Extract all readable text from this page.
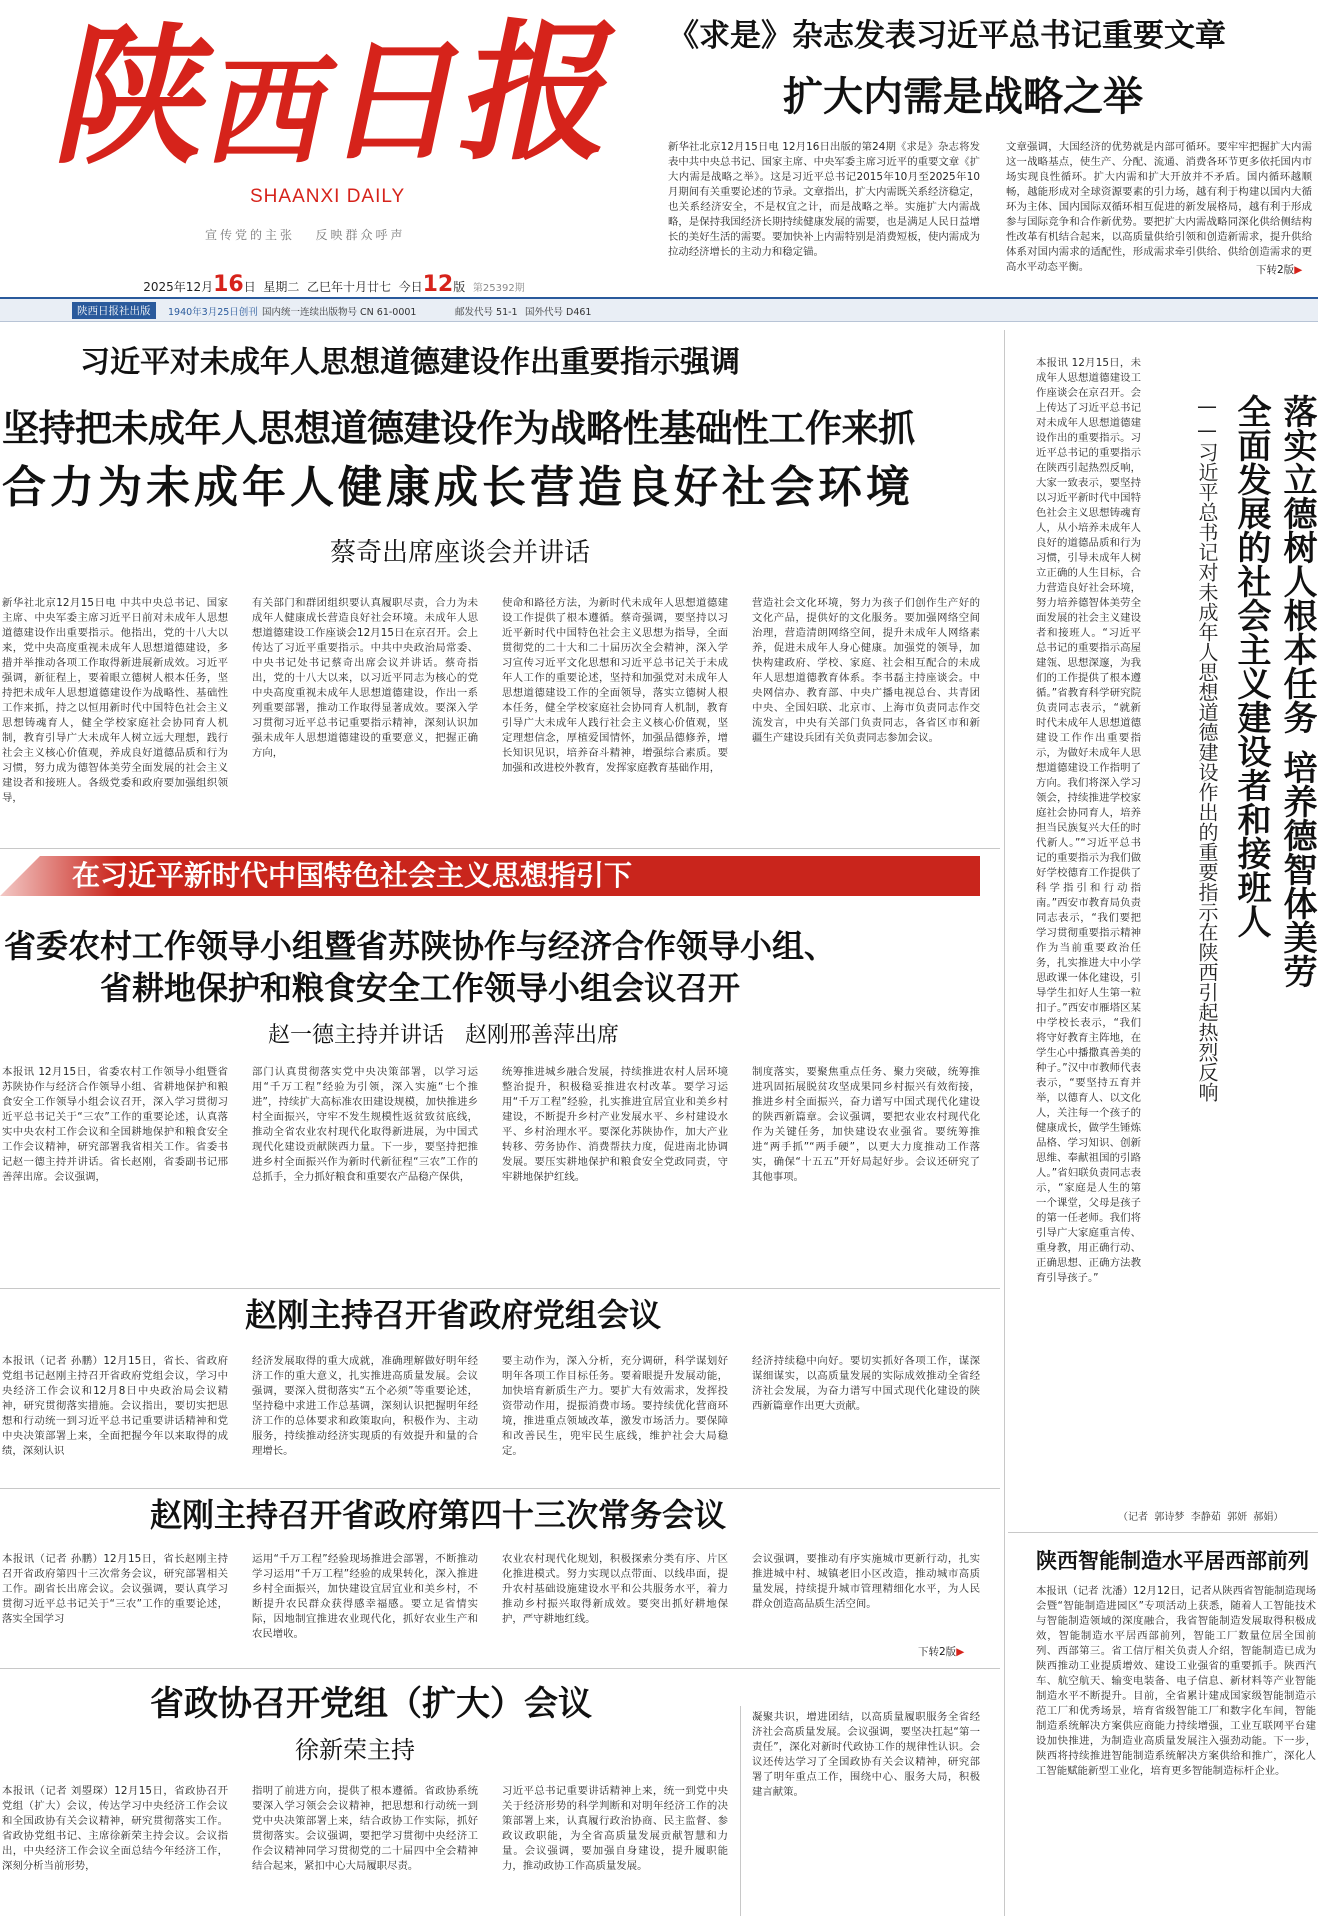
陕
西
日
报
SHAANXI DAILY
宣传党的主张   反映群众呼声

2025年12月16日  星期二  乙巳年十月廿七  今日12版 第25392期

《求是》杂志发表习近平总书记重要文章
扩大内需是战略之举
新华社北京12月15日电 12月16日出版的第24期《求是》杂志将发表中共中央总书记、国家主席、中央军委主席习近平的重要文章《扩大内需是战略之举》。这是习近平总书记2015年10月至2025年10月期间有关重要论述的节录。文章指出，扩大内需既关系经济稳定，也关系经济安全，不是权宜之计，而是战略之举。实施扩大内需战略，是保持我国经济长期持续健康发展的需要，也是满足人民日益增长的美好生活的需要。要加快补上内需特别是消费短板，使内需成为拉动经济增长的主动力和稳定锚。
文章强调，大国经济的优势就是内部可循环。要牢牢把握扩大内需这一战略基点，使生产、分配、流通、消费各环节更多依托国内市场实现良性循环。扩大内需和扩大开放并不矛盾。国内循环越顺畅，越能形成对全球资源要素的引力场，越有利于构建以国内大循环为主体、国内国际双循环相互促进的新发展格局，越有利于形成参与国际竞争和合作新优势。要把扩大内需战略同深化供给侧结构性改革有机结合起来，以高质量供给引领和创造新需求，提升供给体系对国内需求的适配性，形成需求牵引供给、供给创造需求的更高水平动态平衡。	下转2版▶
陕西日报社出版	1940年3月25日创刊 国内统一连续出版物号 CN 61-0001	邮发代号 51-1 国外代号 D461
习近平对未成年人思想道德建设作出重要指示强调
坚持把未成年人思想道德建设作为战略性基础性工作来抓
合力为未成年人健康成长营造良好社会环境
蔡奇出席座谈会并讲话
新华社北京12月15日电 中共中央总书记、国家主席、中央军委主席习近平日前对未成年人思想道德建设作出重要指示。他指出，党的十八大以来，党中央高度重视未成年人思想道德建设，多措并举推动各项工作取得新进展新成效。习近平强调，新征程上，要着眼立德树人根本任务，坚持把未成年人思想道德建设作为战略性、基础性工作来抓，持之以恒用新时代中国特色社会主义思想铸魂育人，健全学校家庭社会协同育人机制，教育引导广大未成年人树立远大理想，践行社会主义核心价值观，养成良好道德品质和行为习惯，努力成为德智体美劳全面发展的社会主义建设者和接班人。各级党委和政府要加强组织领导，
有关部门和群团组织要认真履职尽责，合力为未成年人健康成长营造良好社会环境。未成年人思想道德建设工作座谈会12月15日在京召开。会上传达了习近平重要指示。中共中央政治局常委、中央书记处书记蔡奇出席会议并讲话。蔡奇指出，党的十八大以来，以习近平同志为核心的党中央高度重视未成年人思想道德建设，作出一系列重要部署，推动工作取得显著成效。要深入学习贯彻习近平总书记重要指示精神，深刻认识加强未成年人思想道德建设的重要意义，把握正确方向，
使命和路径方法，为新时代未成年人思想道德建设工作提供了根本遵循。蔡奇强调，要坚持以习近平新时代中国特色社会主义思想为指导，全面贯彻党的二十大和二十届历次全会精神，深入学习宣传习近平文化思想和习近平总书记关于未成年人工作的重要论述，坚持和加强党对未成年人思想道德建设工作的全面领导，落实立德树人根本任务，健全学校家庭社会协同育人机制，教育引导广大未成年人践行社会主义核心价值观，坚定理想信念，厚植爱国情怀，加强品德修养，增长知识见识，培养奋斗精神，增强综合素质。要加强和改进校外教育，发挥家庭教育基础作用，
营造社会文化环境，努力为孩子们创作生产好的文化产品，提供好的文化服务。要加强网络空间治理，营造清朗网络空间，提升未成年人网络素养，促进未成年人身心健康。加强党的领导，加快构建政府、学校、家庭、社会相互配合的未成年人思想道德教育体系。李书磊主持座谈会。中央网信办、教育部、中央广播电视总台、共青团中央、全国妇联、北京市、上海市负责同志作交流发言，中央有关部门负责同志，各省区市和新疆生产建设兵团有关负责同志参加会议。
在习近平新时代中国特色社会主义思想指引下
省委农村工作领导小组暨省苏陕协作与经济合作领导小组、
省耕地保护和粮食安全工作领导小组会议召开
赵一德主持并讲话   赵刚邢善萍出席
本报讯 12月15日，省委农村工作领导小组暨省苏陕协作与经济合作领导小组、省耕地保护和粮食安全工作领导小组会议召开，深入学习贯彻习近平总书记关于“三农”工作的重要论述，认真落实中央农村工作会议和全国耕地保护和粮食安全工作会议精神，研究部署我省相关工作。省委书记赵一德主持并讲话。省长赵刚，省委副书记邢善萍出席。会议强调，
部门认真贯彻落实党中央决策部署，以学习运用“千万工程”经验为引领，深入实施“七个推进”，持续扩大高标准农田建设规模，加快推进乡村全面振兴，守牢不发生规模性返贫致贫底线，推动全省农业农村现代化取得新进展，为中国式现代化建设贡献陕西力量。下一步，要坚持把推进乡村全面振兴作为新时代新征程“三农”工作的总抓手，全力抓好粮食和重要农产品稳产保供，
统筹推进城乡融合发展，持续推进农村人居环境整治提升，积极稳妥推进农村改革。要学习运用“千万工程”经验，扎实推进宜居宜业和美乡村建设，不断提升乡村产业发展水平、乡村建设水平、乡村治理水平。要深化苏陕协作，加大产业转移、劳务协作、消费帮扶力度，促进南北协调发展。要压实耕地保护和粮食安全党政同责，守牢耕地保护红线。
制度落实，要聚焦重点任务、聚力突破，统筹推进巩固拓展脱贫攻坚成果同乡村振兴有效衔接，推进乡村全面振兴，奋力谱写中国式现代化建设的陕西新篇章。会议强调，要把农业农村现代化作为关键任务，加快建设农业强省。要统筹推进“两手抓”“两手硬”，以更大力度推动工作落实，确保“十五五”开好局起好步。会议还研究了其他事项。
赵刚主持召开省政府党组会议
本报讯（记者 孙鹏）12月15日，省长、省政府党组书记赵刚主持召开省政府党组会议，学习中央经济工作会议和12月8日中央政治局会议精神，研究贯彻落实措施。会议指出，要切实把思想和行动统一到习近平总书记重要讲话精神和党中央决策部署上来，全面把握今年以来取得的成绩，深刻认识
经济发展取得的重大成就，准确理解做好明年经济工作的重大意义，扎实推进高质量发展。会议强调，要深入贯彻落实“五个必须”等重要论述，坚持稳中求进工作总基调，深刻认识把握明年经济工作的总体要求和政策取向，积极作为、主动服务，持续推动经济实现质的有效提升和量的合理增长。
要主动作为，深入分析，充分调研，科学谋划好明年各项工作目标任务。要着眼提升发展动能，加快培育新质生产力。要扩大有效需求，发挥投资带动作用，提振消费市场。要持续优化营商环境，推进重点领域改革，激发市场活力。要保障和改善民生，兜牢民生底线，维护社会大局稳定。
经济持续稳中向好。要切实抓好各项工作，谋深谋细谋实，以高质量发展的实际成效推动全省经济社会发展，为奋力谱写中国式现代化建设的陕西新篇章作出更大贡献。
赵刚主持召开省政府第四十三次常务会议
本报讯（记者 孙鹏）12月15日，省长赵刚主持召开省政府第四十三次常务会议，研究部署相关工作。副省长出席会议。会议强调，要认真学习贯彻习近平总书记关于“三农”工作的重要论述，落实全国学习
运用“千万工程”经验现场推进会部署，不断推动学习运用“千万工程”经验的成果转化，深入推进乡村全面振兴，加快建设宜居宜业和美乡村，不断提升农民群众获得感幸福感。要立足省情实际，因地制宜推进农业现代化，抓好农业生产和农民增收。
农业农村现代化规划，积极探索分类有序、片区化推进模式。努力实现以点带面、以线串面，提升农村基础设施建设水平和公共服务水平，着力推动乡村振兴取得新成效。要突出抓好耕地保护，严守耕地红线。
会议强调，要推动有序实施城市更新行动，扎实推进城中村、城镇老旧小区改造，推动城市高质量发展，持续提升城市管理精细化水平，为人民群众创造高品质生活空间。
下转2版▶
省政协召开党组（扩大）会议
徐新荣主持
本报讯（记者 刘曌琛）12月15日，省政协召开党组（扩大）会议，传达学习中央经济工作会议和全国政协有关会议精神，研究贯彻落实工作。省政协党组书记、主席徐新荣主持会议。会议指出，中央经济工作会议全面总结今年经济工作，深刻分析当前形势，
指明了前进方向，提供了根本遵循。省政协系统要深入学习领会会议精神，把思想和行动统一到党中央决策部署上来，结合政协工作实际，抓好贯彻落实。会议强调，要把学习贯彻中央经济工作会议精神同学习贯彻党的二十届四中全会精神结合起来，紧扣中心大局履职尽责。
习近平总书记重要讲话精神上来，统一到党中央关于经济形势的科学判断和对明年经济工作的决策部署上来，认真履行政治协商、民主监督、参政议政职能，为全省高质量发展贡献智慧和力量。会议强调，要加强自身建设，提升履职能力，推动政协工作高质量发展。
凝聚共识，增进团结，以高质量履职服务全省经济社会高质量发展。会议强调，要坚决扛起“第一责任”，深化对新时代政协工作的规律性认识。会议还传达学习了全国政协有关会议精神，研究部署了明年重点工作，围绕中心、服务大局，积极建言献策。
落实立德树人根本任务培养德智体美劳
全面发展的社会主义建设者和接班人
——习近平总书记对未成年人思想道德建设作出的重要指示在陕西引起热烈反响
本报讯 12月15日，未成年人思想道德建设工作座谈会在京召开。会上传达了习近平总书记对未成年人思想道德建设作出的重要指示。习近平总书记的重要指示在陕西引起热烈反响，大家一致表示，要坚持以习近平新时代中国特色社会主义思想铸魂育人，从小培养未成年人良好的道德品质和行为习惯，引导未成年人树立正确的人生目标，合力营造良好社会环境，努力培养德智体美劳全面发展的社会主义建设者和接班人。“习近平总书记的重要指示高屋建瓴、思想深邃，为我们的工作提供了根本遵循。”省教育科学研究院负责同志表示，“就新时代未成年人思想道德建设工作作出重要指示，为做好未成年人思想道德建设工作指明了方向。我们将深入学习领会，持续推进学校家庭社会协同育人，培养担当民族复兴大任的时代新人。”“习近平总书记的重要指示为我们做好学校德育工作提供了科学指引和行动指南。”西安市教育局负责同志表示，“我们要把学习贯彻重要指示精神作为当前重要政治任务，扎实推进大中小学思政课一体化建设，引导学生扣好人生第一粒扣子。”西安市雁塔区某中学校长表示，“我们将守好教育主阵地，在学生心中播撒真善美的种子。”汉中市教师代表表示，“要坚持五育并举，以德育人、以文化人，关注每一个孩子的健康成长，做学生锤炼品格、学习知识、创新思维、奉献祖国的引路人。”省妇联负责同志表示，“家庭是人生的第一个课堂，父母是孩子的第一任老师。我们将引导广大家庭重言传、重身教，用正确行动、正确思想、正确方法教育引导孩子。”
（记者  郭诗梦  李静茹  郭妍  郝娟）
陕西智能制造水平居西部前列
本报讯（记者 沈潘）12月12日，记者从陕西省智能制造现场会暨“智能制造进园区”专项活动上获悉，随着人工智能技术与智能制造领域的深度融合，我省智能制造发展取得积极成效，智能制造水平居西部前列，智能工厂数量位居全国前列、西部第三。省工信厅相关负责人介绍，智能制造已成为陕西推动工业提质增效、建设工业强省的重要抓手。陕西汽车、航空航天、输变电装备、电子信息、新材料等产业智能制造水平不断提升。目前，全省累计建成国家级智能制造示范工厂和优秀场景，培育省级智能工厂和数字化车间，智能制造系统解决方案供应商能力持续增强，工业互联网平台建设加快推进，为制造业高质量发展注入强劲动能。下一步，陕西将持续推进智能制造系统解决方案供给和推广，深化人工智能赋能新型工业化，培育更多智能制造标杆企业。
